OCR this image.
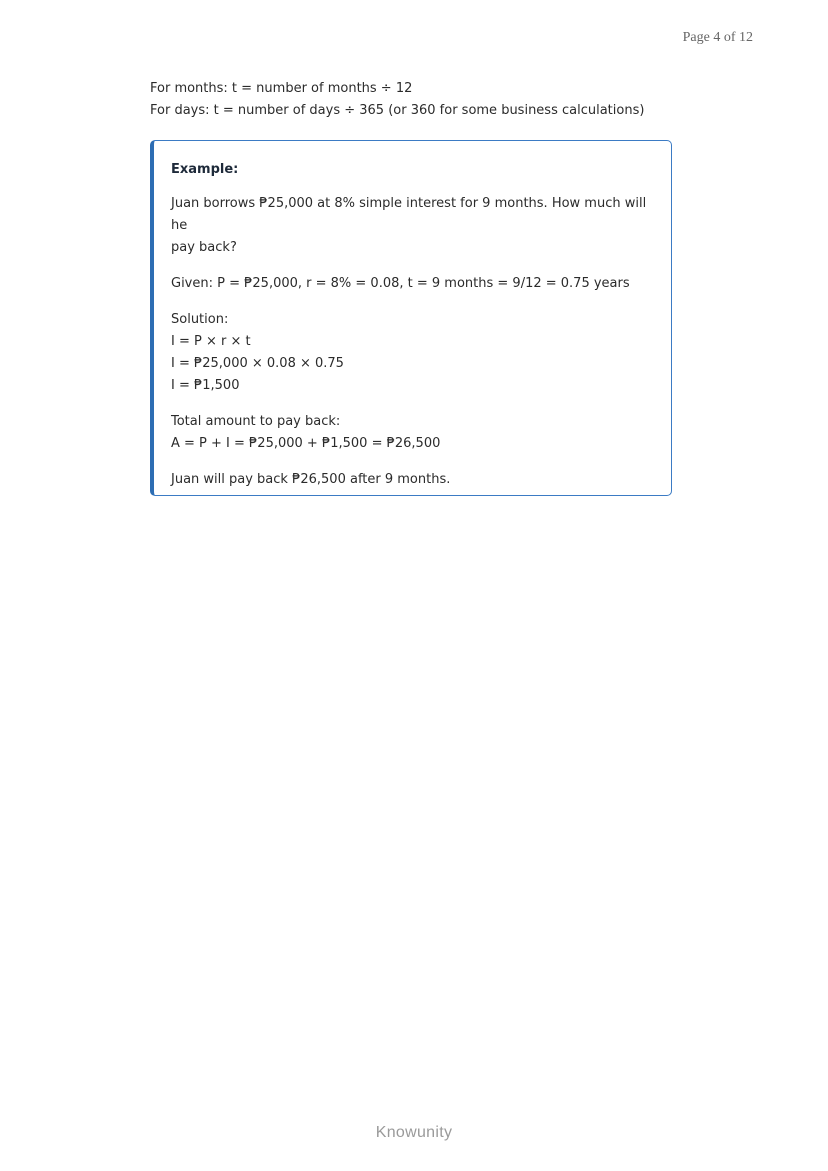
Page 4 of 12

For months: t = number of months ÷ 12

For days: t = number of days ÷ 365 (or 360 for some business calculations)

Example:

Juan borrows ₱25,000 at 8% simple interest for 9 months. How much will he

pay back?

Given: P = ₱25,000, r = 8% = 0.08, t = 9 months = 9/12 = 0.75 years

Solution:

I = P × r × t

I = ₱25,000 × 0.08 × 0.75

I = ₱1,500

Total amount to pay back:

A = P + I = ₱25,000 + ₱1,500 = ₱26,500

Juan will pay back ₱26,500 after 9 months.

Knowunity
